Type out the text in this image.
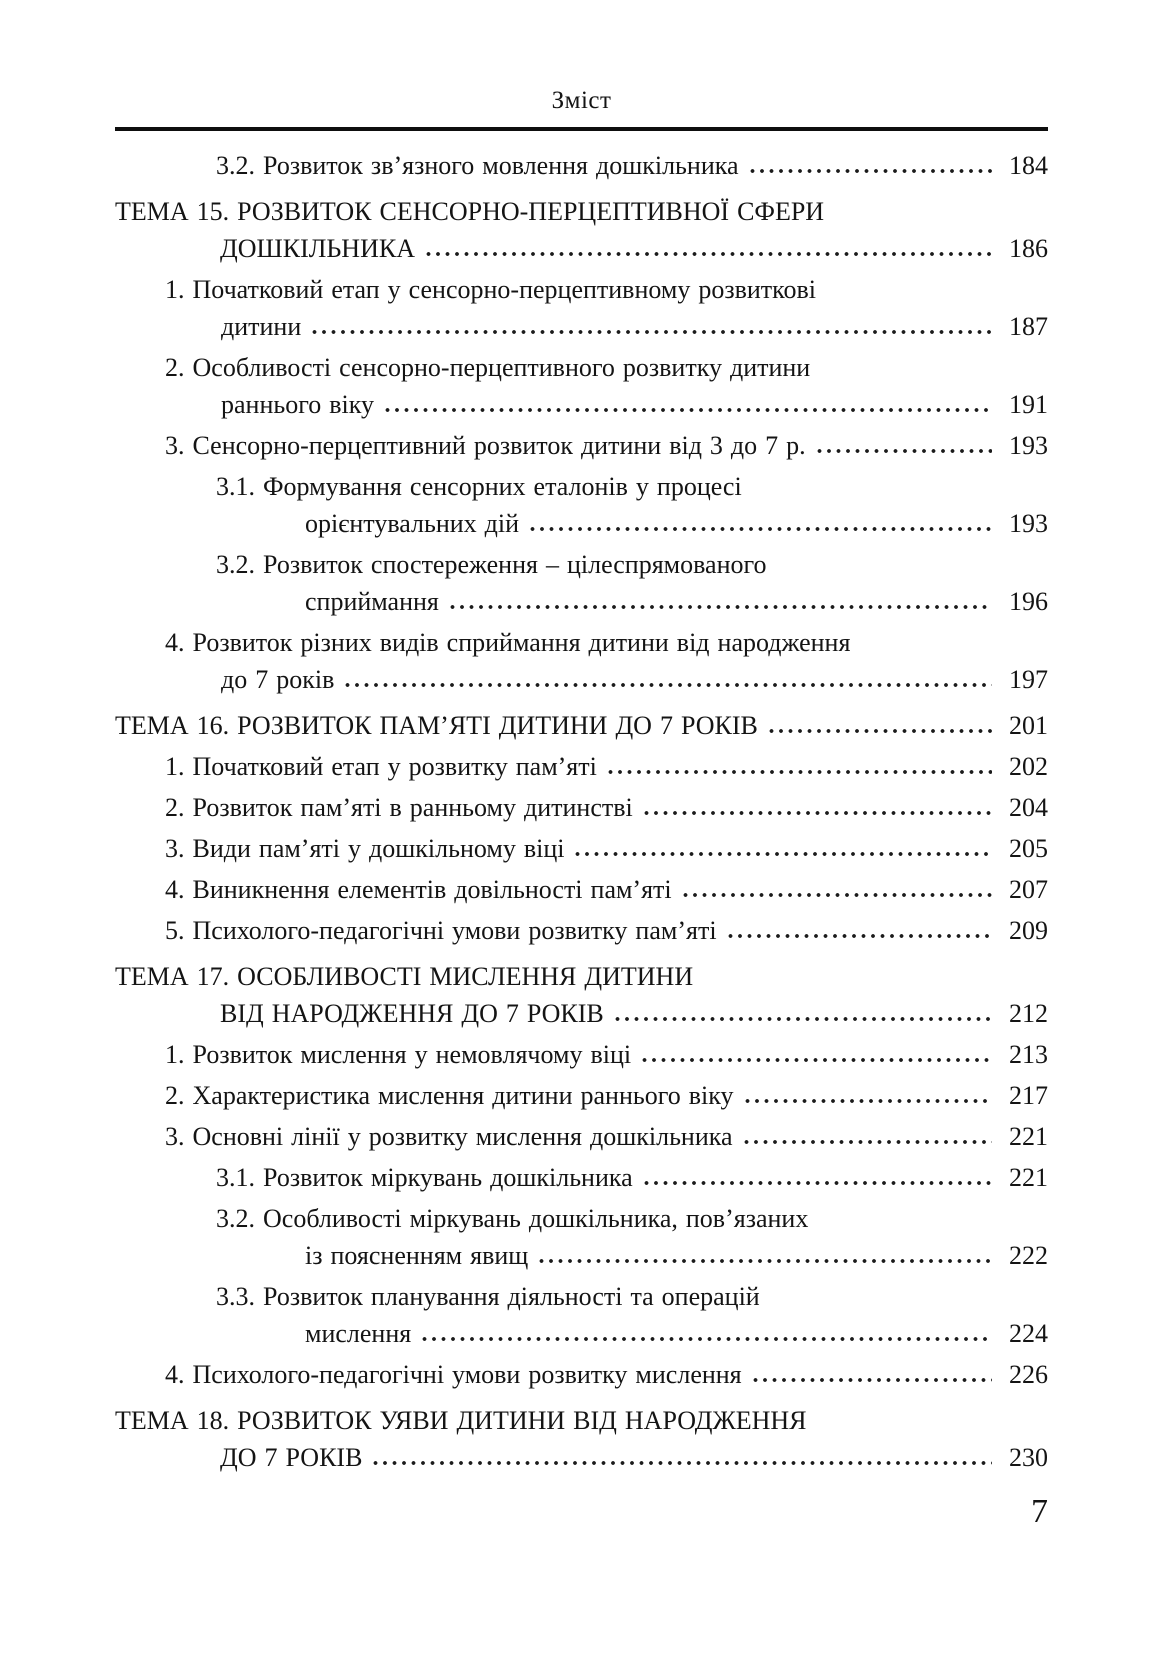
Зміст
3.2. Розвиток зв’язного мовлення дошкільника	184
ТЕМА 15. РОЗВИТОК СЕНСОРНО-ПЕРЦЕПТИВНОЇ СФЕРИ
ДОШКІЛЬНИКА	186
1. Початковий етап у сенсорно-перцептивному розвиткові
дитини	187
2. Особливості сенсорно-перцептивного розвитку дитини
раннього віку	191
3. Сенсорно-перцептивний розвиток дитини від 3 до 7 р.	193
3.1. Формування сенсорних еталонів у процесі
орієнтувальних дій	193
3.2. Розвиток спостереження – цілеспрямованого
сприймання	196
4. Розвиток різних видів сприймання дитини від народження
до 7 років	197
ТЕМА 16. РОЗВИТОК ПАМ’ЯТІ ДИТИНИ ДО 7 РОКІВ	201
1. Початковий етап у розвитку пам’яті	202
2. Розвиток пам’яті в ранньому дитинстві	204
3. Види пам’яті у дошкільному віці	205
4. Виникнення елементів довільності пам’яті	207
5. Психолого-педагогічні умови розвитку пам’яті	209
ТЕМА 17. ОСОБЛИВОСТІ МИСЛЕННЯ ДИТИНИ
ВІД НАРОДЖЕННЯ ДО 7 РОКІВ	212
1. Розвиток мислення у немовлячому віці	213
2. Характеристика мислення дитини раннього віку	217
3. Основні лінії у розвитку мислення дошкільника	221
3.1. Розвиток міркувань дошкільника	221
3.2. Особливості міркувань дошкільника, пов’язаних
із поясненням явищ	222
3.3. Розвиток планування діяльності та операцій
мислення	224
4. Психолого-педагогічні умови розвитку мислення	226
ТЕМА 18. РОЗВИТОК УЯВИ ДИТИНИ ВІД НАРОДЖЕННЯ
ДО 7 РОКІВ	230
7
